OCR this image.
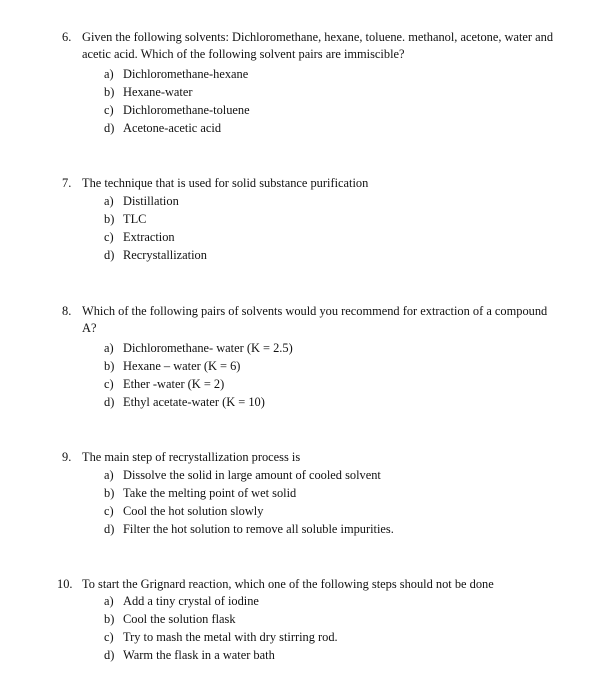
6. Given the following solvents: Dichloromethane, hexane, toluene. methanol, acetone, water and
acetic acid. Which of the following solvent pairs are immiscible?
a) Dichloromethane-hexane
b) Hexane-water
c) Dichloromethane-toluene
d) Acetone-acetic acid
7. The technique that is used for solid substance purification
a) Distillation
b) TLC
c) Extraction
d) Recrystallization
8. Which of the following pairs of solvents would you recommend for extraction of a compound
A?
a) Dichloromethane- water (K = 2.5)
b) Hexane – water (K = 6)
c) Ether -water (K = 2)
d) Ethyl acetate-water (K = 10)
9. The main step of recrystallization process is
a) Dissolve the solid in large amount of cooled solvent
b) Take the melting point of wet solid
c) Cool the hot solution slowly
d) Filter the hot solution to remove all soluble impurities.
10. To start the Grignard reaction, which one of the following steps should not be done
a) Add a tiny crystal of iodine
b) Cool the solution flask
c) Try to mash the metal with dry stirring rod.
d) Warm the flask in a water bath
